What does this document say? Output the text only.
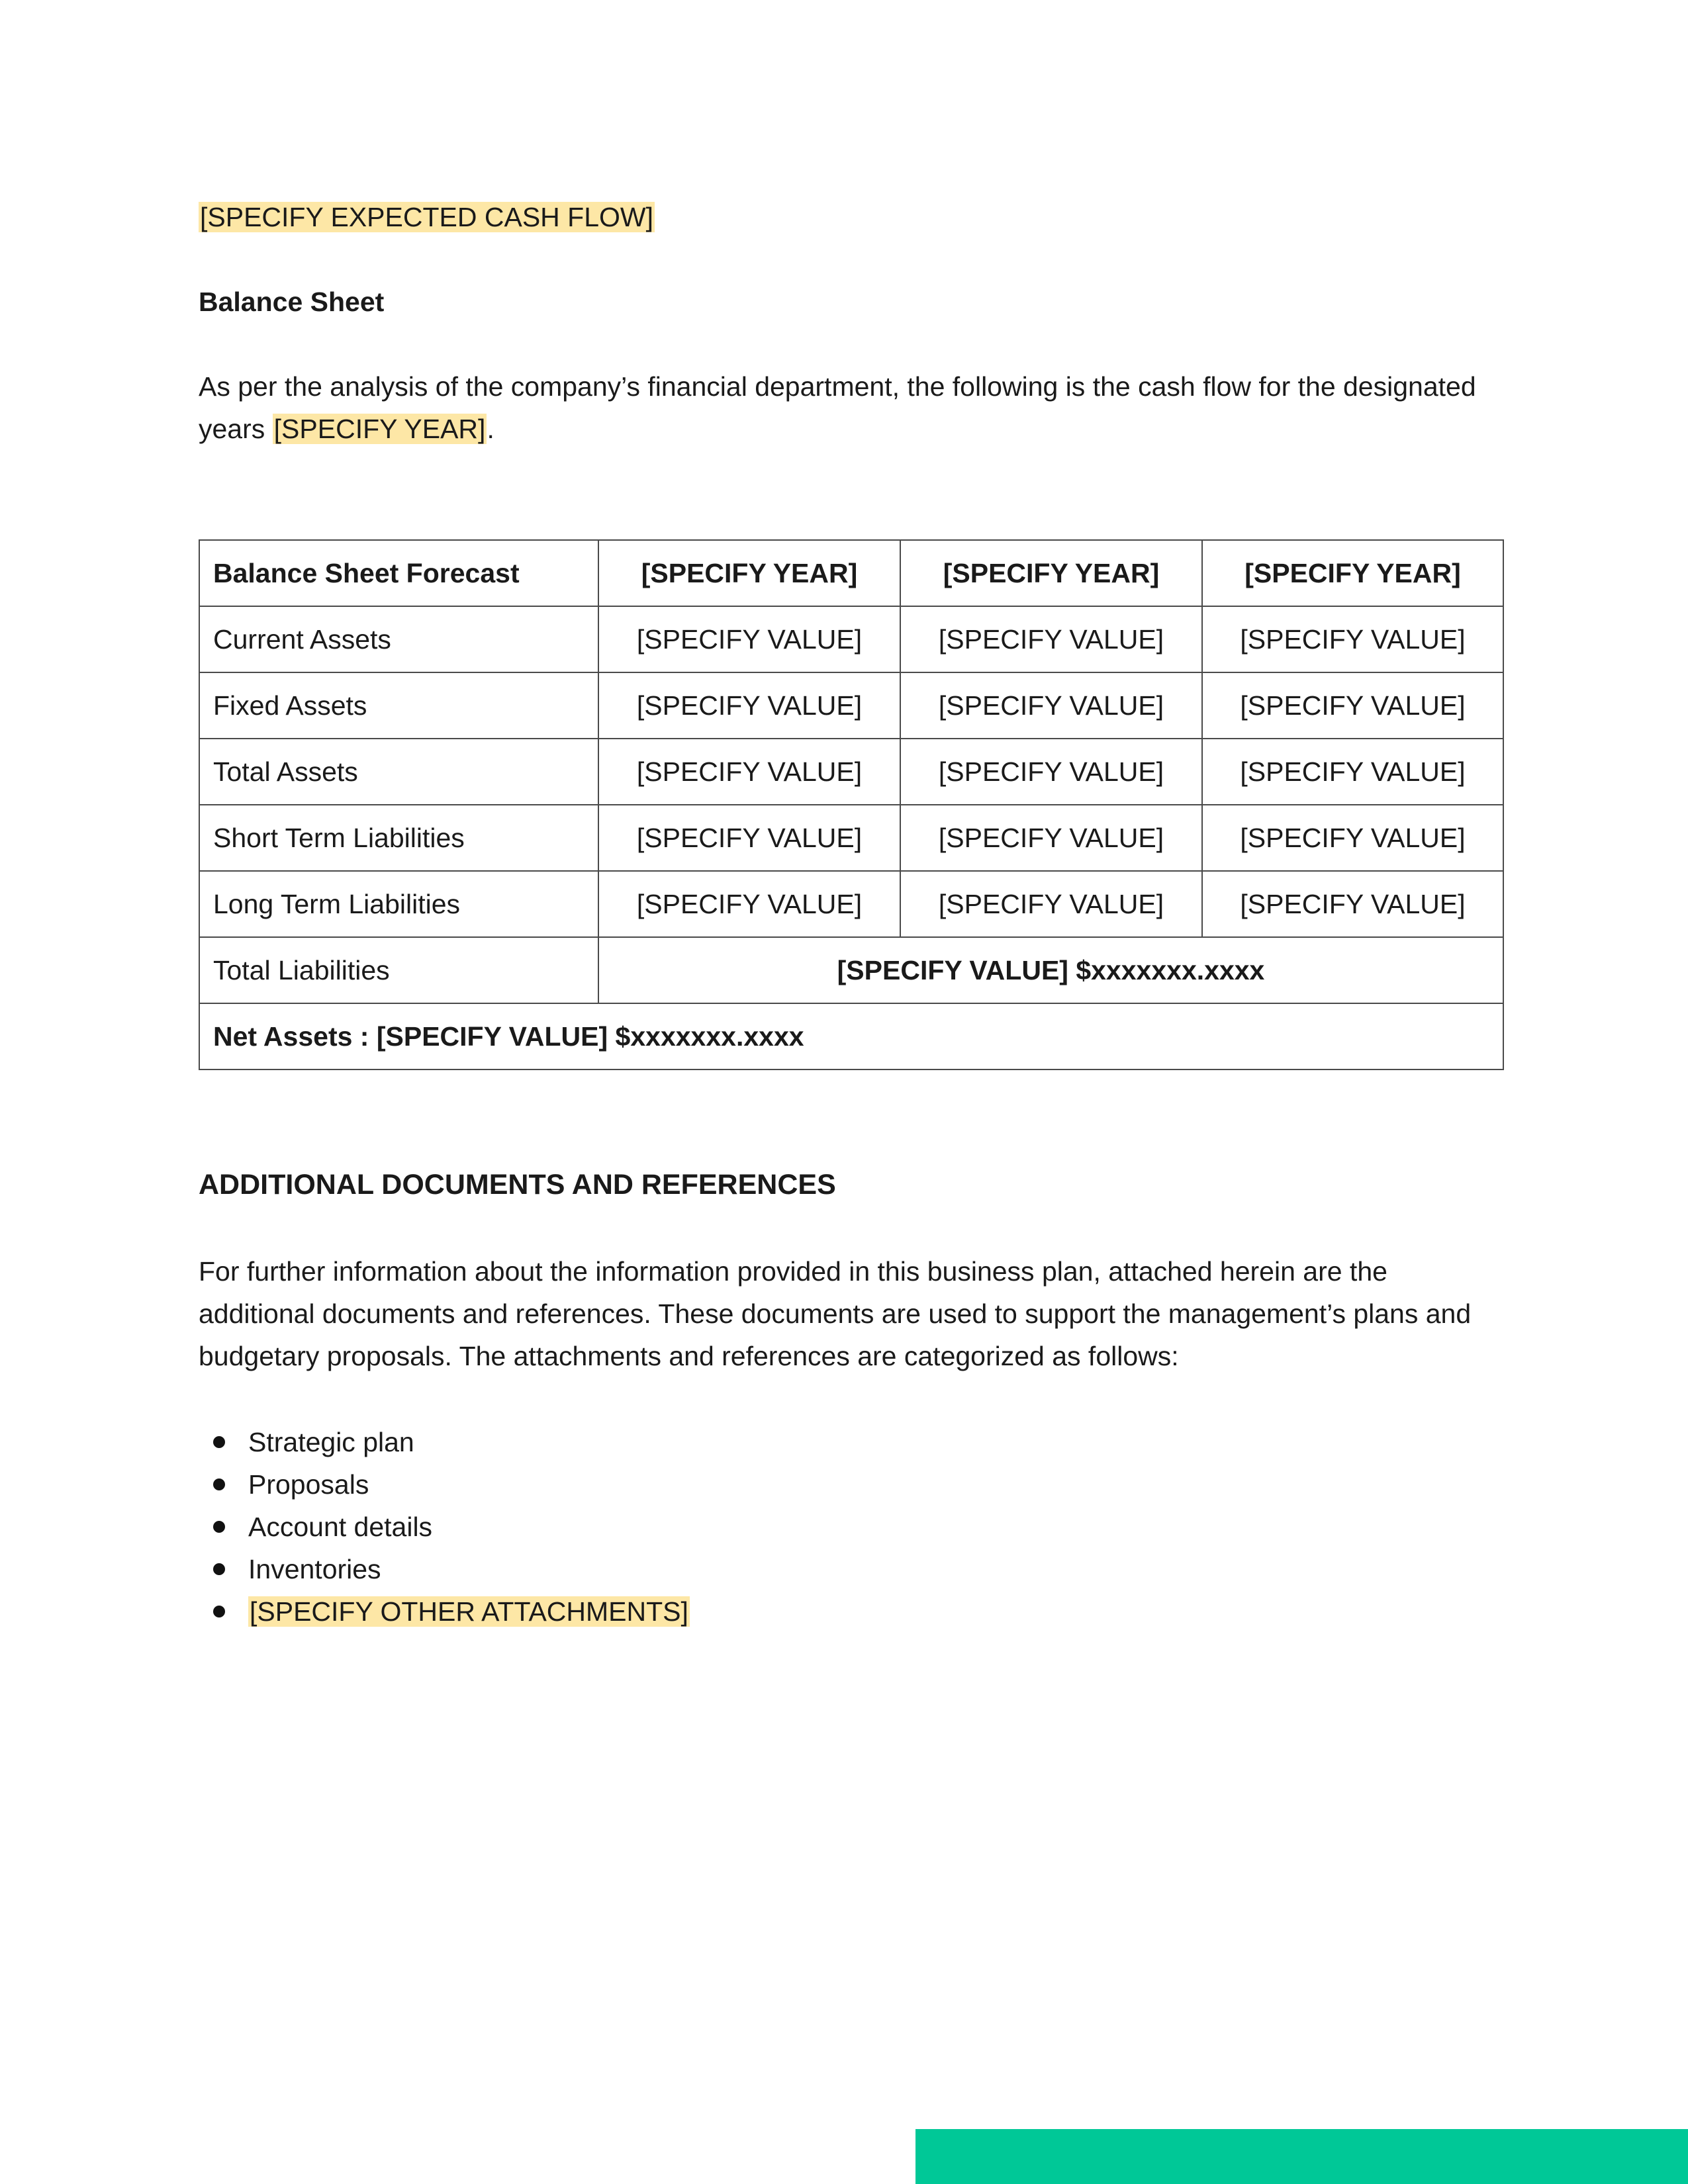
[SPECIFY EXPECTED CASH FLOW]
Balance Sheet
As per the analysis of the company’s financial department, the following is the cash flow for the designated years [SPECIFY YEAR].
Balance Sheet Forecast	[SPECIFY YEAR]	[SPECIFY YEAR]	[SPECIFY YEAR]
Current Assets	[SPECIFY VALUE]	[SPECIFY VALUE]	[SPECIFY VALUE]
Fixed Assets	[SPECIFY VALUE]	[SPECIFY VALUE]	[SPECIFY VALUE]
Total Assets	[SPECIFY VALUE]	[SPECIFY VALUE]	[SPECIFY VALUE]
Short Term Liabilities	[SPECIFY VALUE]	[SPECIFY VALUE]	[SPECIFY VALUE]
Long Term Liabilities	[SPECIFY VALUE]	[SPECIFY VALUE]	[SPECIFY VALUE]
Total Liabilities	[SPECIFY VALUE] $xxxxxxx.xxxx		
Net Assets : [SPECIFY VALUE] $xxxxxxx.xxxx			
ADDITIONAL DOCUMENTS AND REFERENCES
For further information about the information provided in this business plan, attached herein are the additional documents and references. These documents are used to support the management’s plans and budgetary proposals. The attachments and references are categorized as follows:
Strategic plan
Proposals
Account details
Inventories
[SPECIFY OTHER ATTACHMENTS]
